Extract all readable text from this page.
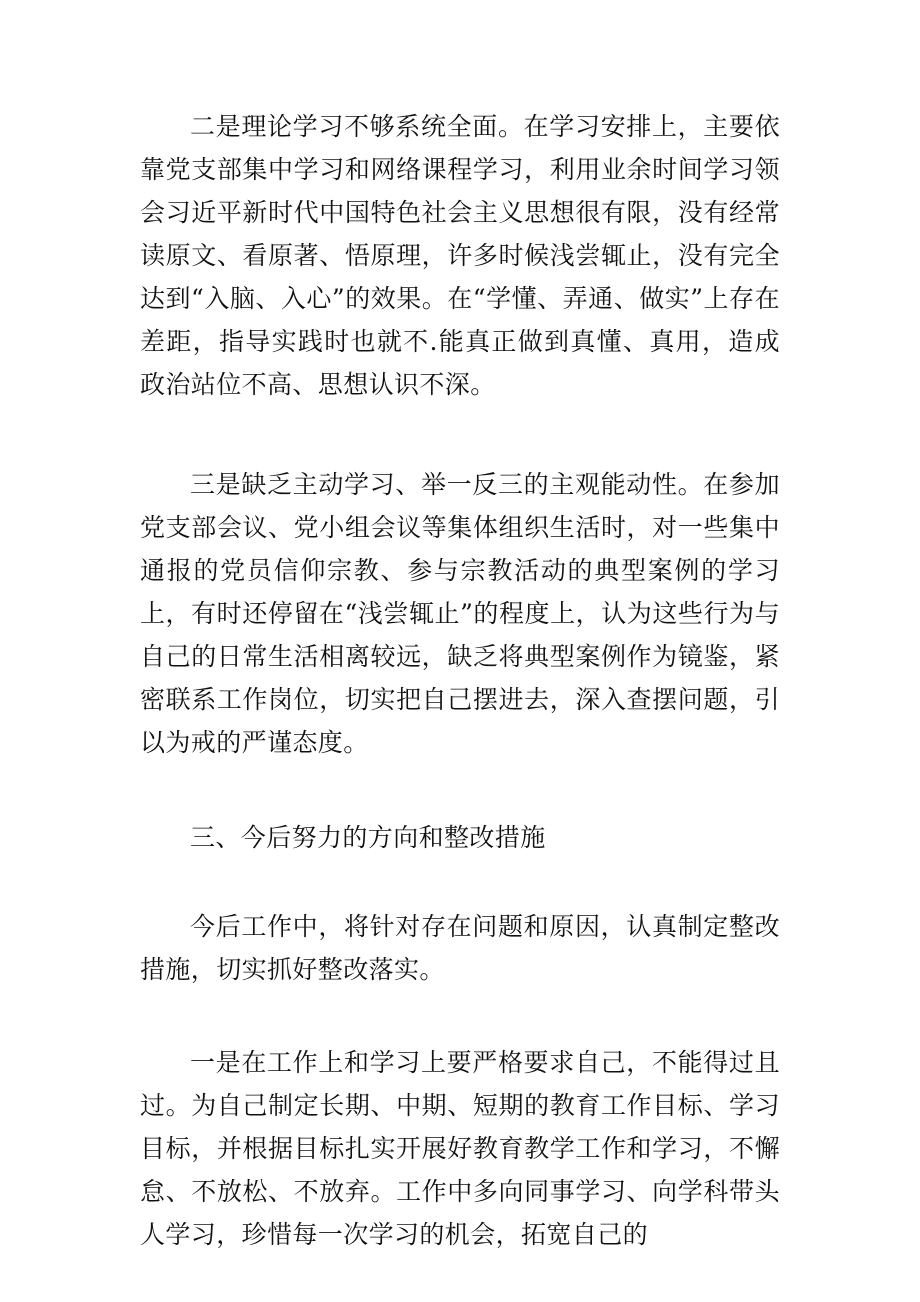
二是理论学习不够系统全面。在学习安排上，主要依靠党支部集中学习和网络课程学习，利用业余时间学习领会习近平新时代中国特色社会主义思想很有限，没有经常读原文、看原著、悟原理，许多时候浅尝辄止，没有完全达到“入脑、入心”的效果。在“学懂、弄通、做实”上存在差距，指导实践时也就不.能真正做到真懂、真用，造成政治站位不高、思想认识不深。

三是缺乏主动学习、举一反三的主观能动性。在参加党支部会议、党小组会议等集体组织生活时，对一些集中通报的党员信仰宗教、参与宗教活动的典型案例的学习上，有时还停留在“浅尝辄止”的程度上，认为这些行为与自己的日常生活相离较远，缺乏将典型案例作为镜鉴，紧密联系工作岗位，切实把自己摆进去，深入查摆问题，引以为戒的严谨态度。

三、今后努力的方向和整改措施

今后工作中，将针对存在问题和原因，认真制定整改措施，切实抓好整改落实。

一是在工作上和学习上要严格要求自己，不能得过且过。为自己制定长期、中期、短期的教育工作目标、学习目标，并根据目标扎实开展好教育教学工作和学习，不懈怠、不放松、不放弃。工作中多向同事学习、向学科带头人学习，珍惜每一次学习的机会，拓宽自己的
